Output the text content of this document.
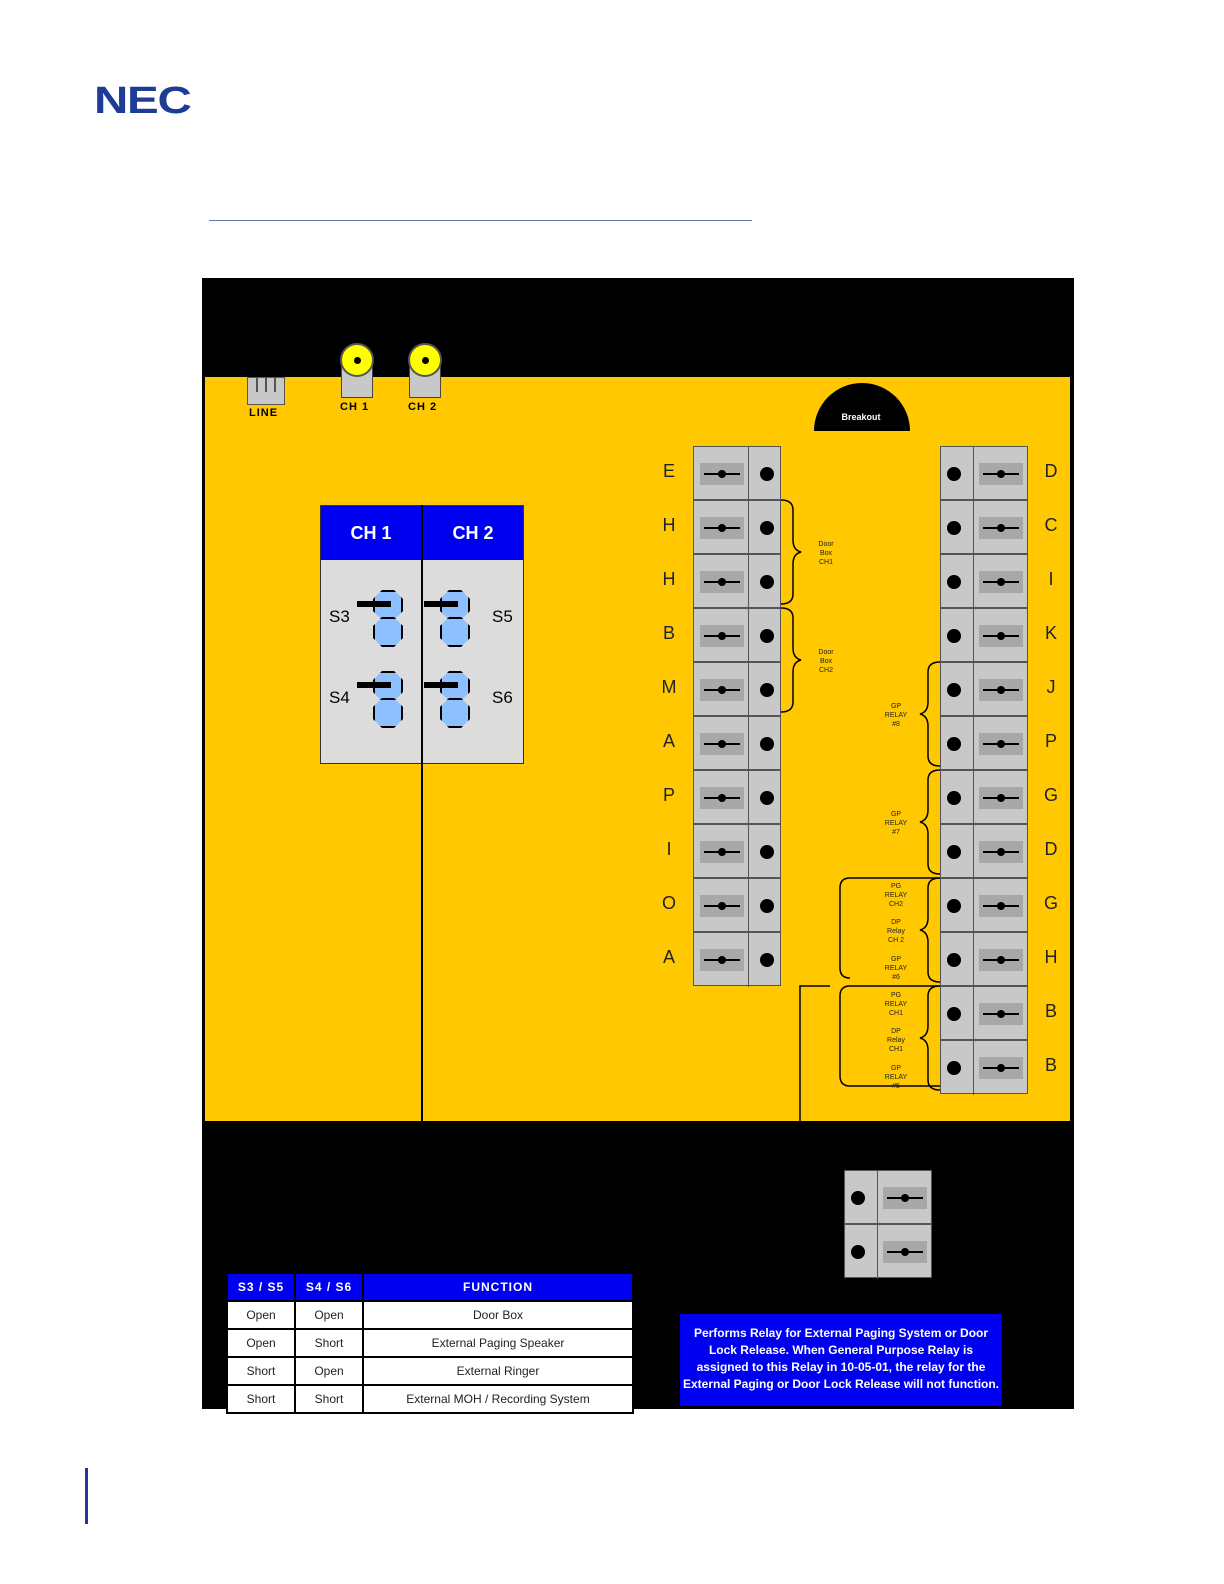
NEC
LINE	CH 1	CH 2
Breakout
CH 1	CH 2
S3
S4
S5
S6
E
H
H
B
M
A
P
I
O
A
D
C
I
K
J
P
G
D
G
H
B
B
Door
Box
CH1
Door
Box
CH2
GP
RELAY
#8
GP
RELAY
#7
PG
RELAY
CH2
DP
Relay
CH 2
GP
RELAY
#6
PG
RELAY
CH1
DP
Relay
CH1
GP
RELAY
#5
S3 / S5	S4 / S6	FUNCTION
Open	Open	Door Box
Open	Short	External Paging Speaker
Short	Open	External Ringer
Short	Short	External MOH / Recording System
Performs Relay for External Paging System or Door
Lock Release. When General Purpose Relay is
assigned to this Relay in 10-05-01, the relay for the
External Paging or Door Lock Release will not function.
